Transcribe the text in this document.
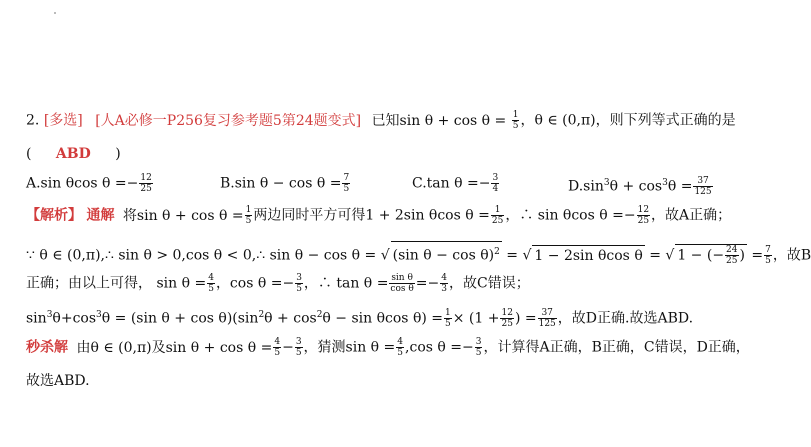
2. [多选] [人A必修一P256复习参考题5第24题变式] 已知$\sin \theta + \cos \theta = \frac{1}{5}$ ，θ ∈ (0,π)，则下列等式正确的是
( ABD )
A.sin θcos $\theta =- \frac{12}{25}$	B.sin $\theta - \cos \theta = \frac{7}{5}$	C.tan $\theta =- \frac{3}{4}$	$D.\sin^3\theta + \cos^3\theta = \frac{37}{125}$
【解析】 通解 将$\sin \theta + \cos \theta = \frac{1}{5}$ 两边同时平方可得1 + 2sin θcos $\theta = \frac{1}{25}$ ，∴ sin θcos $\theta =- \frac{12}{25}$ ，故A正确；
∵ θ ∈ (0,π),∴ sin θ > 0,cos θ < 0,∴ sin θ − cos θ = √ (sin θ − cos θ)$^2$ = √ 1 − 2sin θcos θ = √ 1 − (− $\frac{24}{25}$ ) = $\frac{7}{5}$ ，故B
正确；由以上可得， $\sin \theta = \frac{4}{5}$ ，$\cos \theta =- \frac{3}{5}$ ，∴ $\tan \theta = \frac{\text{sin θ}}{\text{cos θ}} =- \frac{4}{3}$ ，故C错误；
$\sin^3\theta+\cos^3\theta = (\sin$ $\theta + \cos \theta)(\sin^2\theta + \cos^2\theta - \sin \theta\cos$ $\theta) = \frac{1}{5} \times (1 + \frac{12}{25}$ ) = $\frac{37}{125}$ ，故D正确.故选ABD.
秒杀解 由θ ∈ (0,π)及$\sin \theta + \cos \theta = \frac{4}{5} - \frac{3}{5}$ ，猜测$\sin \theta = \frac{4}{5} ,\cos$ $\theta =- \frac{3}{5}$ ，计算得A正确，B正确，C错误，D正确，
故选ABD.
